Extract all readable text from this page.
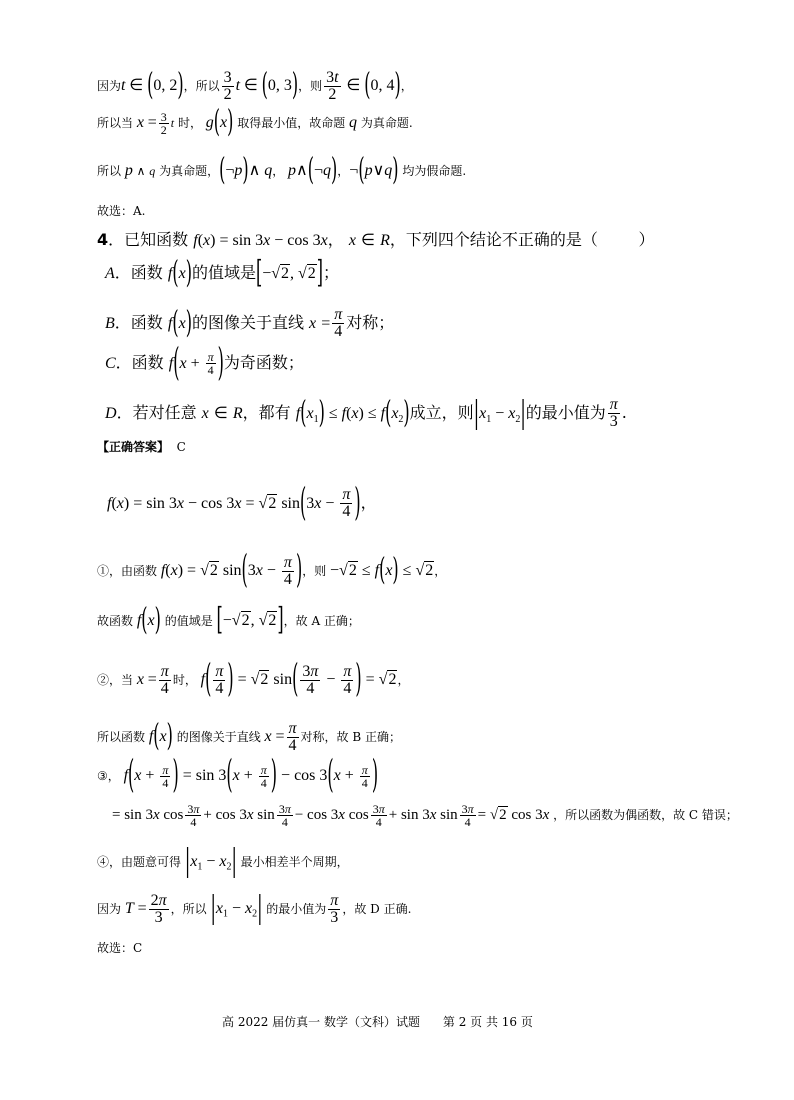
因为t ∈ (0, 2)，所以 $\frac{3}{2}$ t ∈ (0, 3)，则 $\frac{3t}{2}$ ∈ (0, 4)，
所以当 $x = \frac{3}{2}$ t 时， g(x) 取得最小值，故命题 q 为真命题.
所以 p ∧ q 为真命题，(¬p)∧ q， p∧(¬q)，¬(p∨q) 均为假命题.
故选：A.
4．已知函数 f(x) = sin 3x − cos 3x， x ∈ R，下列四个结论不正确的是（        ）
A．函数 f(x)的值域是[−√2, √2]；
B．函数 f(x)的图像关于直线 $x = \frac{\pi}{4}$ 对称；
C．函数 $f(x + \frac{\pi}{4}$ )为奇函数；
D．若对任意 x ∈ R，都有 $f(x_1) \le f(x) \le f(x_2)$成立，则$|x_1 - x_2|$的最小值为 $\frac{\pi}{3}$ .
【正确答案】 C
f(x) = sin 3x − cos 3x = √2 $\sin(3x - \frac{\pi}{4}$ )，
①，由函数 f(x) = √2 $\sin(3x - \frac{\pi}{4}$ )，则 −√2 ≤ f(x) ≤ √2，
故函数 f(x) 的值域是 [−√2, √2]，故 A 正确；
②，当 $x = \frac{\pi}{4}$ 时， $f( \frac{\pi}{4}$ ) = √2 $\sin( \frac{3\pi}{4} - \frac{\pi}{4}$ ) = √2，
所以函数 f(x) 的图像关于直线 $x = \frac{\pi}{4}$ 对称，故 B 正确；
③， $f(x + \frac{\pi}{4}$ ) = $\sin 3(x + \frac{\pi}{4}$ ) − $\cos 3(x + \frac{\pi}{4}$ )
= sin 3x $\cos \frac{3\pi}{4} + \cos 3x$ $\sin \frac{3\pi}{4} - \cos 3x$ $\cos \frac{3\pi}{4} + \sin 3x$ $\sin \frac{3\pi}{4} = √2$ cos 3x ，所以函数为偶函数，故 C 错误；
④，由题意可得 $|x_1 - x_2|$ 最小相差半个周期，
因为 $T = \frac{2\pi}{3}$ ，所以 $|x_1 - x_2|$ 的最小值为 $\frac{\pi}{3}$ ，故 D 正确.
故选：C
高 2022 届仿真一 数学（文科）试题 第 2 页 共 16 页
